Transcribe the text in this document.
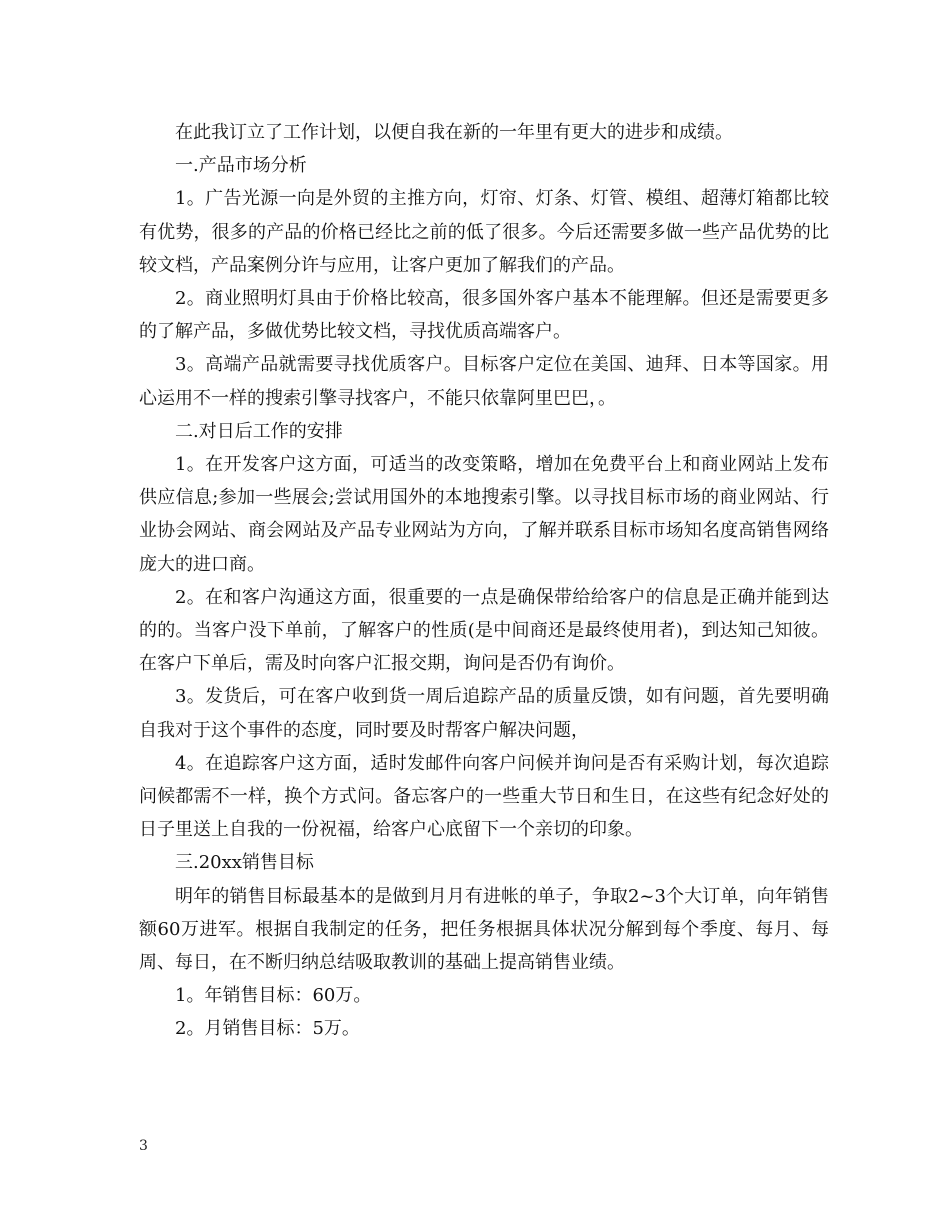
在此我订立了工作计划，以便自我在新的一年里有更大的进步和成绩。

一.产品市场分析

1。广告光源一向是外贸的主推方向，灯帘、灯条、灯管、模组、超薄灯箱都比较有优势，很多的产品的价格已经比之前的低了很多。今后还需要多做一些产品优势的比较文档，产品案例分许与应用，让客户更加了解我们的产品。

2。商业照明灯具由于价格比较高，很多国外客户基本不能理解。但还是需要更多的了解产品，多做优势比较文档，寻找优质高端客户。

3。高端产品就需要寻找优质客户。目标客户定位在美国、迪拜、日本等国家。用心运用不一样的搜索引擎寻找客户，不能只依靠阿里巴巴，。

二.对日后工作的安排

1。在开发客户这方面，可适当的改变策略，增加在免费平台上和商业网站上发布供应信息;参加一些展会;尝试用国外的本地搜索引擎。以寻找目标市场的商业网站、行业协会网站、商会网站及产品专业网站为方向，了解并联系目标市场知名度高销售网络庞大的进口商。

2。在和客户沟通这方面，很重要的一点是确保带给给客户的信息是正确并能到达的的。当客户没下单前，了解客户的性质(是中间商还是最终使用者)，到达知己知彼。在客户下单后，需及时向客户汇报交期，询问是否仍有询价。

3。发货后，可在客户收到货一周后追踪产品的质量反馈，如有问题，首先要明确自我对于这个事件的态度，同时要及时帮客户解决问题，

4。在追踪客户这方面，适时发邮件向客户问候并询问是否有采购计划，每次追踪问候都需不一样，换个方式问。备忘客户的一些重大节日和生日，在这些有纪念好处的日子里送上自我的一份祝福，给客户心底留下一个亲切的印象。

三.20xx销售目标

明年的销售目标最基本的是做到月月有进帐的单子，争取2~3个大订单，向年销售额60万进军。根据自我制定的任务，把任务根据具体状况分解到每个季度、每月、每周、每日，在不断归纳总结吸取教训的基础上提高销售业绩。

1。年销售目标：60万。

2。月销售目标：5万。

3
